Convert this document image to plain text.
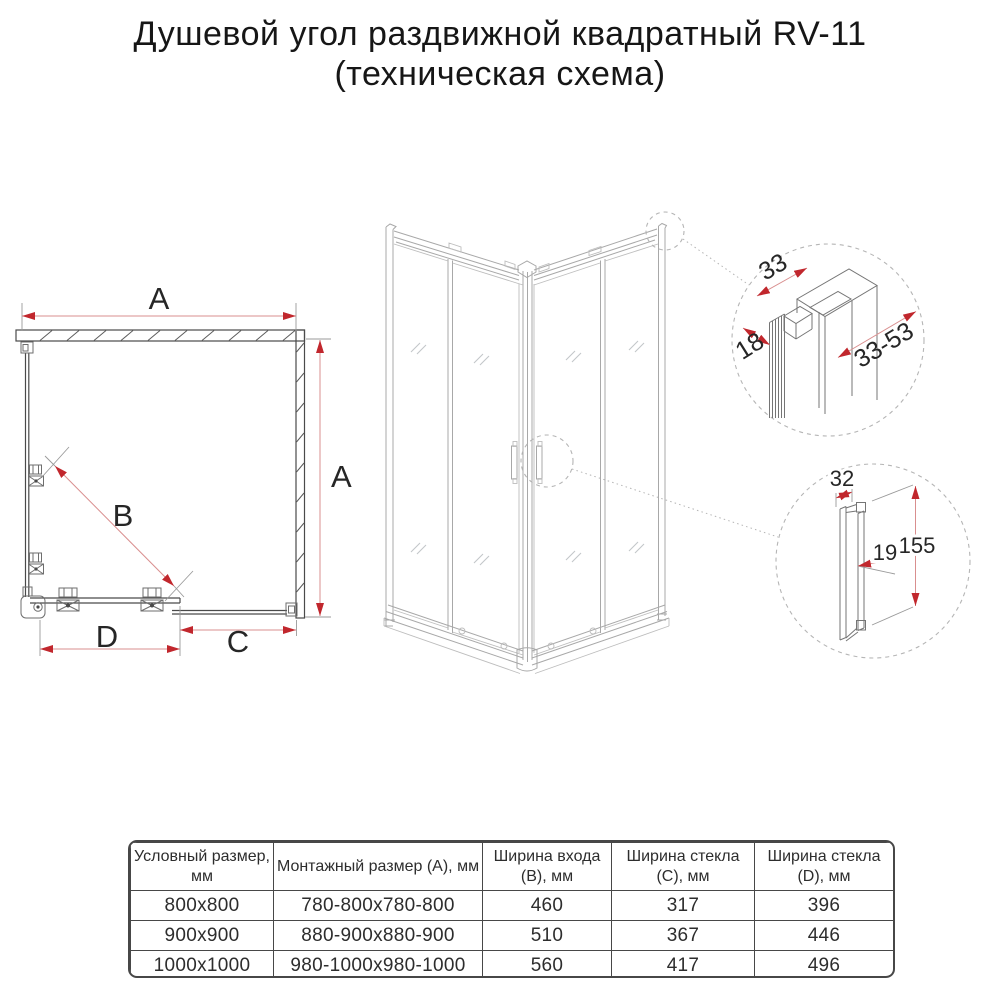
Душевой угол раздвижной квадратный RV-11
(техническая схема)
A
A
B
D	C
33
18	33-53
32
155
19
Условный размер, мм	Монтажный размер (А), мм	Ширина входа (B), мм	Ширина стекла (C), мм	Ширина стекла (D), мм
800x800	780-800х780-800	460	317	396
900x900	880-900х880-900	510	367	446
1000x1000	980-1000х980-1000	560	417	496
